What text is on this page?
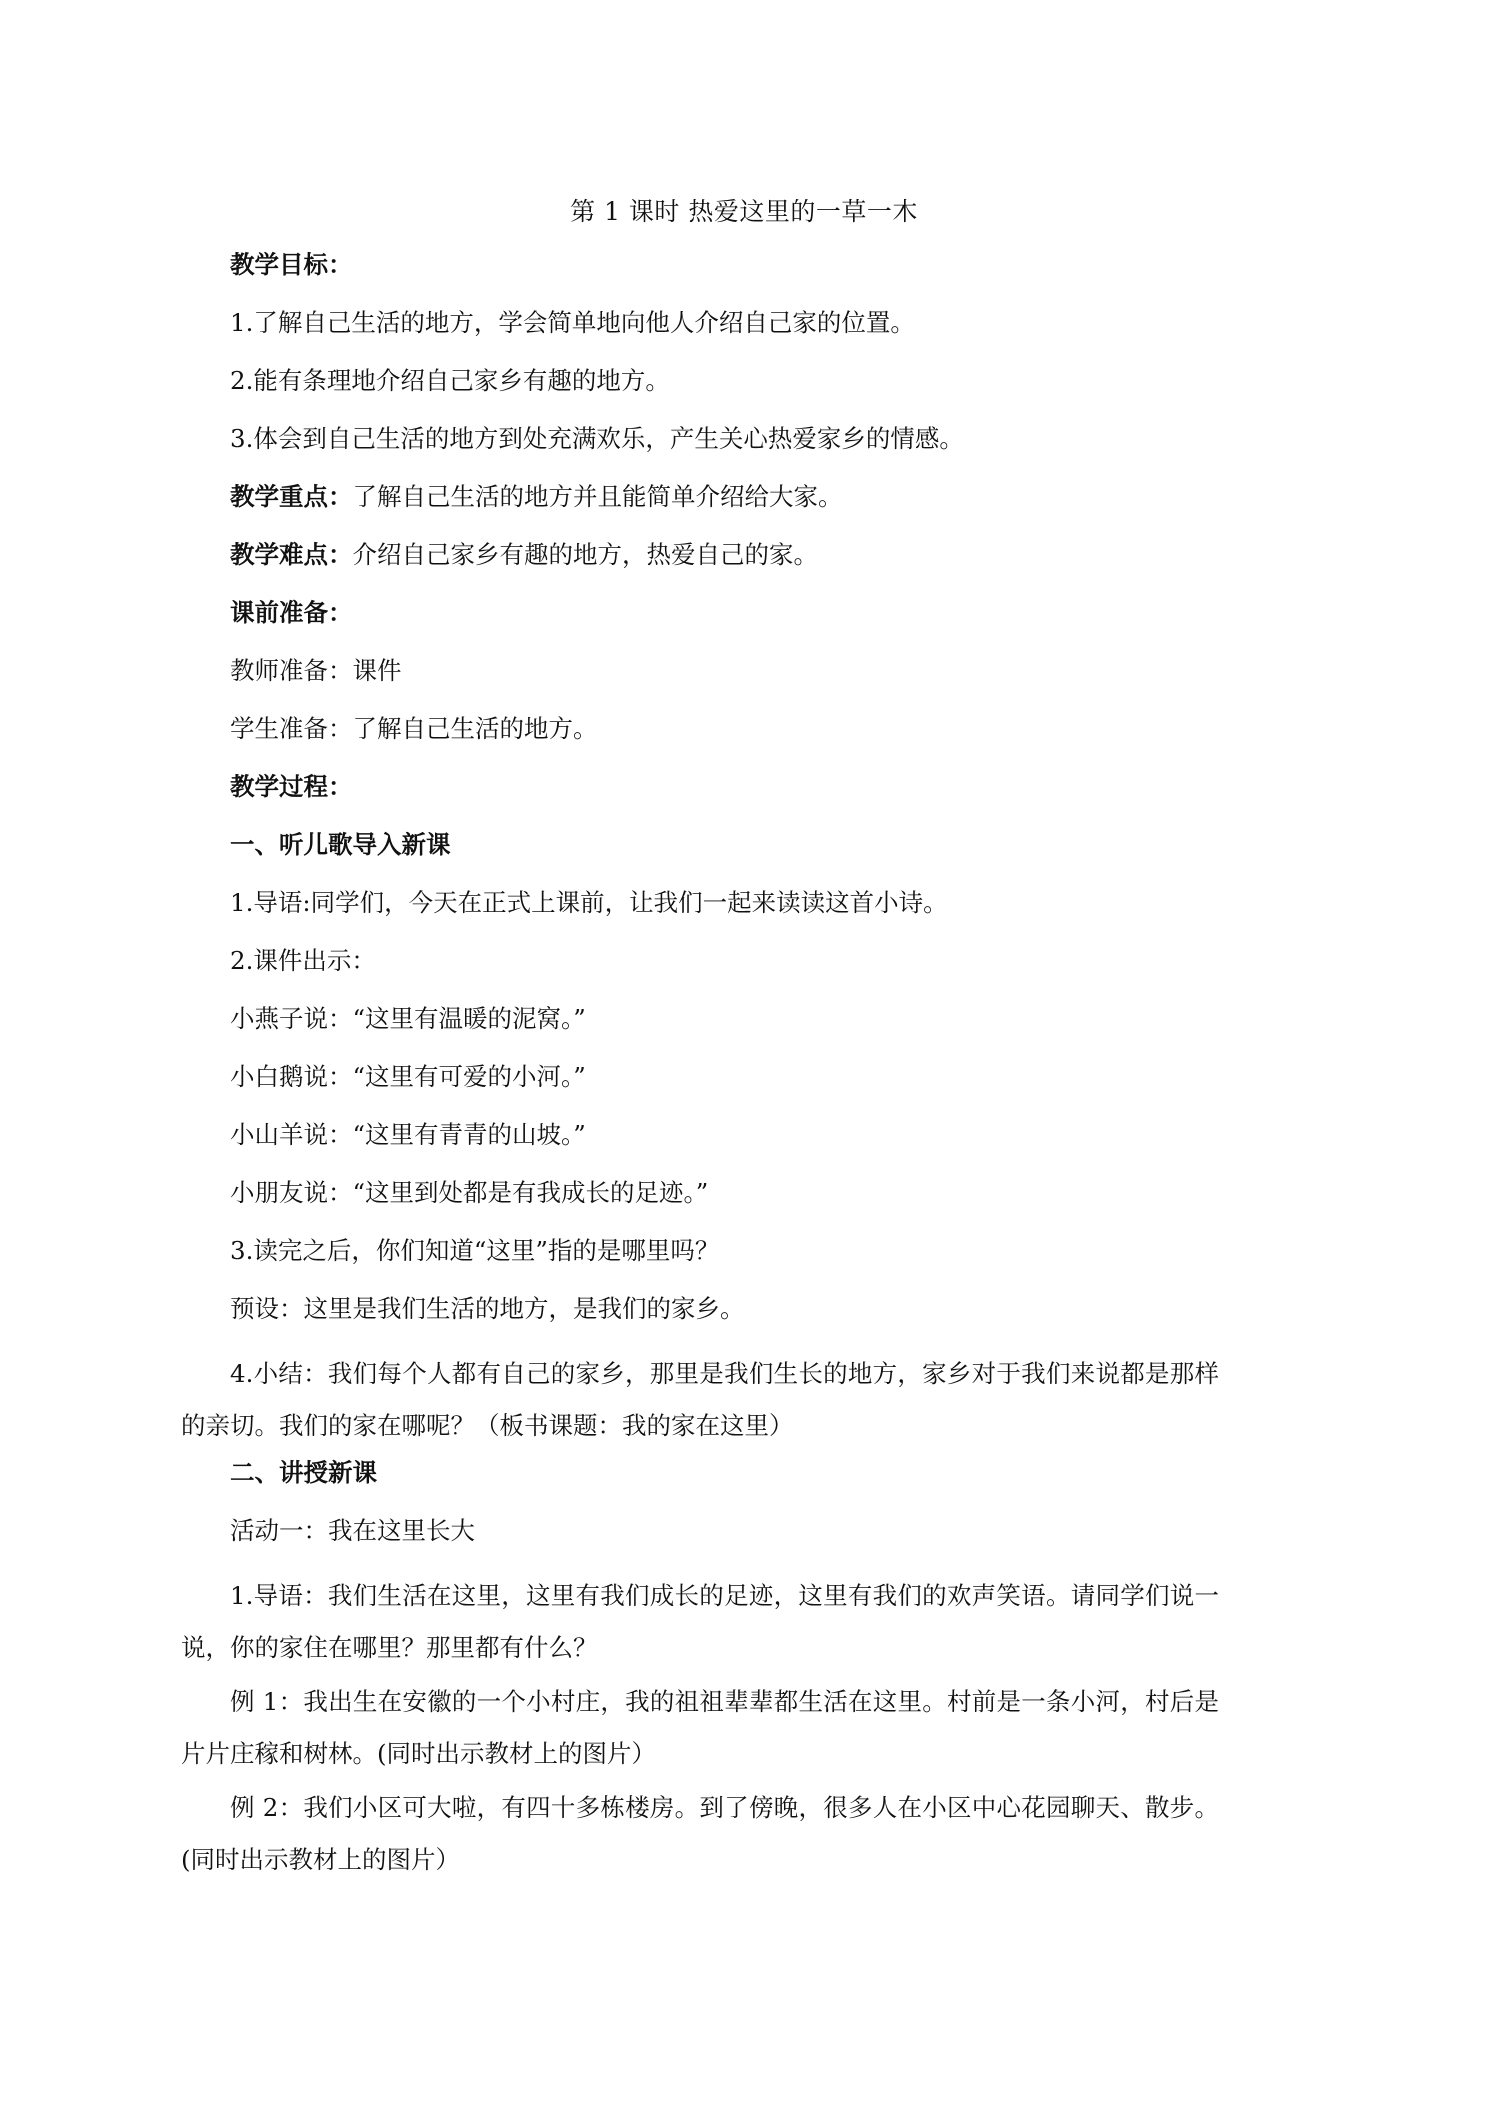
第 1 课时 热爱这里的一草一木

教学目标：

1.了解自己生活的地方，学会简单地向他人介绍自己家的位置。

2.能有条理地介绍自己家乡有趣的地方。

3.体会到自己生活的地方到处充满欢乐，产生关心热爱家乡的情感。

教学重点：了解自己生活的地方并且能简单介绍给大家。

教学难点：介绍自己家乡有趣的地方，热爱自己的家。

课前准备：

教师准备：课件

学生准备：了解自己生活的地方。

教学过程：

一、听儿歌导入新课

1.导语:同学们，今天在正式上课前，让我们一起来读读这首小诗。

2.课件出示：

小燕子说：“这里有温暖的泥窝。”

小白鹅说：“这里有可爱的小河。”

小山羊说：“这里有青青的山坡。”

小朋友说：“这里到处都是有我成长的足迹。”

3.读完之后，你们知道“这里”指的是哪里吗？

预设：这里是我们生活的地方，是我们的家乡。

4.小结：我们每个人都有自己的家乡，那里是我们生长的地方，家乡对于我们来说都是那样的亲切。我们的家在哪呢？（板书课题：我的家在这里）

二、讲授新课

活动一：我在这里长大

1.导语：我们生活在这里，这里有我们成长的足迹，这里有我们的欢声笑语。请同学们说一说，你的家住在哪里？那里都有什么？

例 1：我出生在安徽的一个小村庄，我的祖祖辈辈都生活在这里。村前是一条小河，村后是片片庄稼和树林。(同时出示教材上的图片）

例 2：我们小区可大啦，有四十多栋楼房。到了傍晚，很多人在小区中心花园聊天、散步。(同时出示教材上的图片）
